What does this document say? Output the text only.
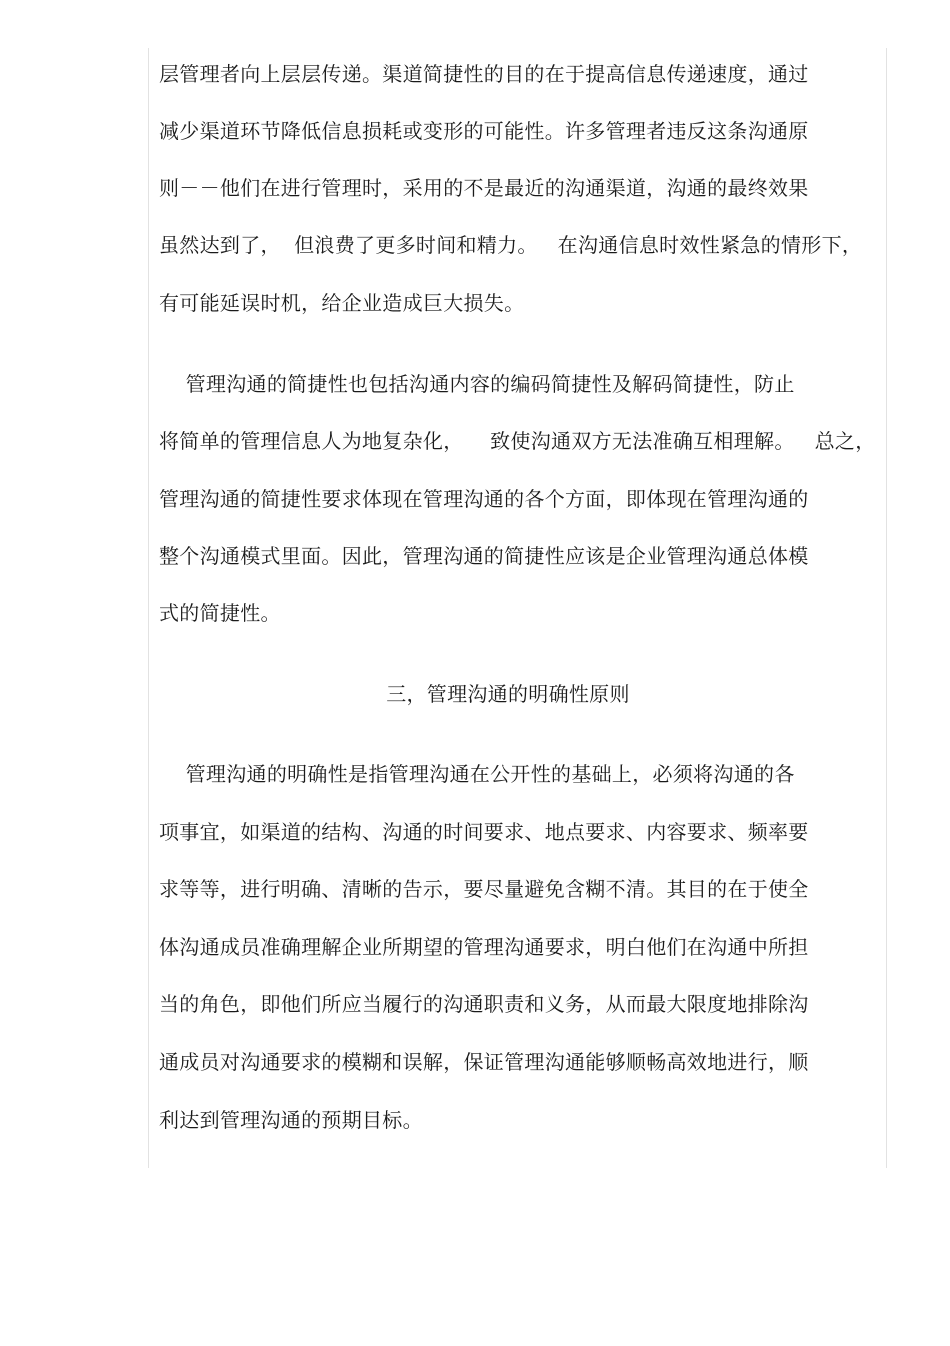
层管理者向上层层传递。渠道简捷性的目的在于提高信息传递速度，通过
减少渠道环节降低信息损耗或变形的可能性。许多管理者违反这条沟通原
则－－他们在进行管理时，采用的不是最近的沟通渠道，沟通的最终效果
虽然达到了，  但浪费了更多时间和精力。   在沟通信息时效性紧急的情形下，
有可能延误时机，给企业造成巨大损失。
管理沟通的简捷性也包括沟通内容的编码简捷性及解码简捷性，防止
将简单的管理信息人为地复杂化，    致使沟通双方无法准确互相理解。   总之，
管理沟通的简捷性要求体现在管理沟通的各个方面，即体现在管理沟通的
整个沟通模式里面。因此，管理沟通的简捷性应该是企业管理沟通总体模
式的简捷性。
三，管理沟通的明确性原则
管理沟通的明确性是指管理沟通在公开性的基础上，必须将沟通的各
项事宜，如渠道的结构、沟通的时间要求、地点要求、内容要求、频率要
求等等，进行明确、清晰的告示，要尽量避免含糊不清。其目的在于使全
体沟通成员准确理解企业所期望的管理沟通要求，明白他们在沟通中所担
当的角色，即他们所应当履行的沟通职责和义务，从而最大限度地排除沟
通成员对沟通要求的模糊和误解，保证管理沟通能够顺畅高效地进行，顺
利达到管理沟通的预期目标。
